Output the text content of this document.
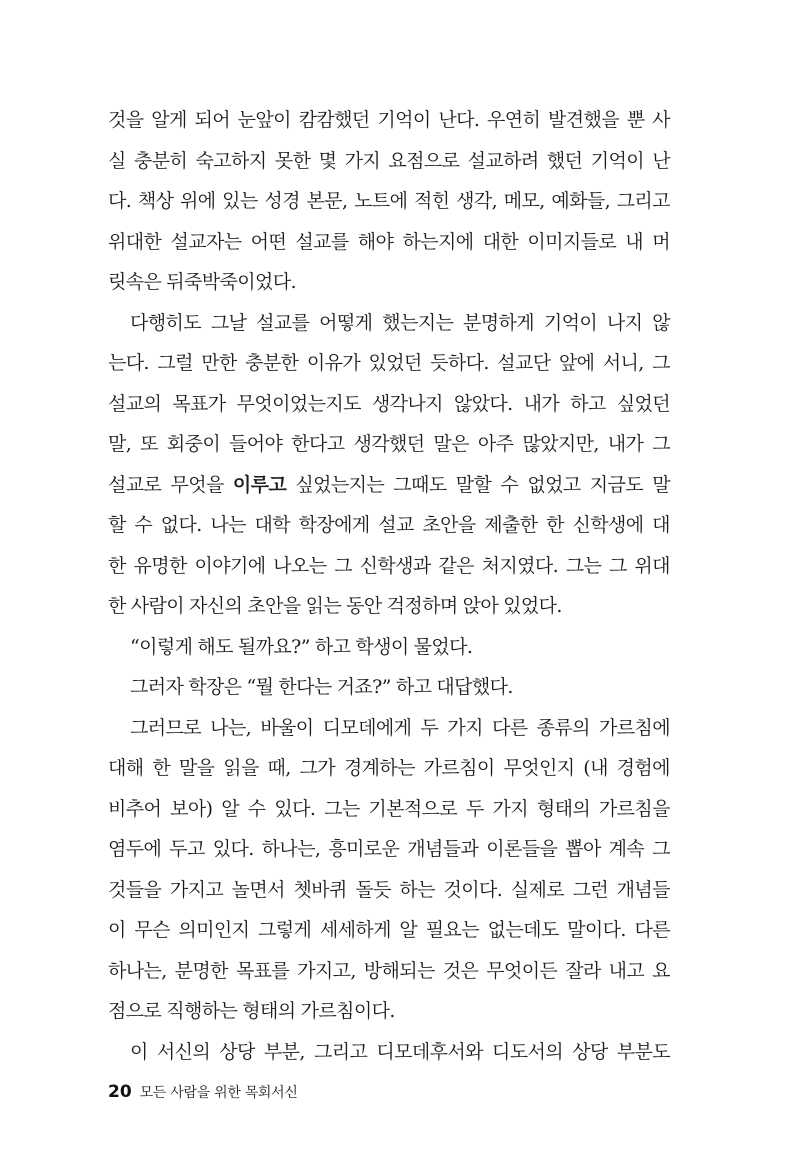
것을 알게 되어 눈앞이 캄캄했던 기억이 난다. 우연히 발견했을 뿐 사
실 충분히 숙고하지 못한 몇 가지 요점으로 설교하려 했던 기억이 난
다. 책상 위에 있는 성경 본문, 노트에 적힌 생각, 메모, 예화들, 그리고
위대한 설교자는 어떤 설교를 해야 하는지에 대한 이미지들로 내 머
릿속은 뒤죽박죽이었다.
다행히도 그날 설교를 어떻게 했는지는 분명하게 기억이 나지 않
는다. 그럴 만한 충분한 이유가 있었던 듯하다. 설교단 앞에 서니, 그
설교의 목표가 무엇이었는지도 생각나지 않았다. 내가 하고 싶었던
말, 또 회중이 들어야 한다고 생각했던 말은 아주 많았지만, 내가 그
설교로 무엇을 이루고 싶었는지는 그때도 말할 수 없었고 지금도 말
할 수 없다. 나는 대학 학장에게 설교 초안을 제출한 한 신학생에 대
한 유명한 이야기에 나오는 그 신학생과 같은 처지였다. 그는 그 위대
한 사람이 자신의 초안을 읽는 동안 걱정하며 앉아 있었다.
“이렇게 해도 될까요?” 하고 학생이 물었다.
그러자 학장은 “뭘 한다는 거죠?” 하고 대답했다.
그러므로 나는, 바울이 디모데에게 두 가지 다른 종류의 가르침에
대해 한 말을 읽을 때, 그가 경계하는 가르침이 무엇인지 (내 경험에
비추어 보아) 알 수 있다. 그는 기본적으로 두 가지 형태의 가르침을
염두에 두고 있다. 하나는, 흥미로운 개념들과 이론들을 뽑아 계속 그
것들을 가지고 놀면서 쳇바퀴 돌듯 하는 것이다. 실제로 그런 개념들
이 무슨 의미인지 그렇게 세세하게 알 필요는 없는데도 말이다. 다른
하나는, 분명한 목표를 가지고, 방해되는 것은 무엇이든 잘라 내고 요
점으로 직행하는 형태의 가르침이다.
이 서신의 상당 부분, 그리고 디모데후서와 디도서의 상당 부분도
20 모든 사람을 위한 목회서신
